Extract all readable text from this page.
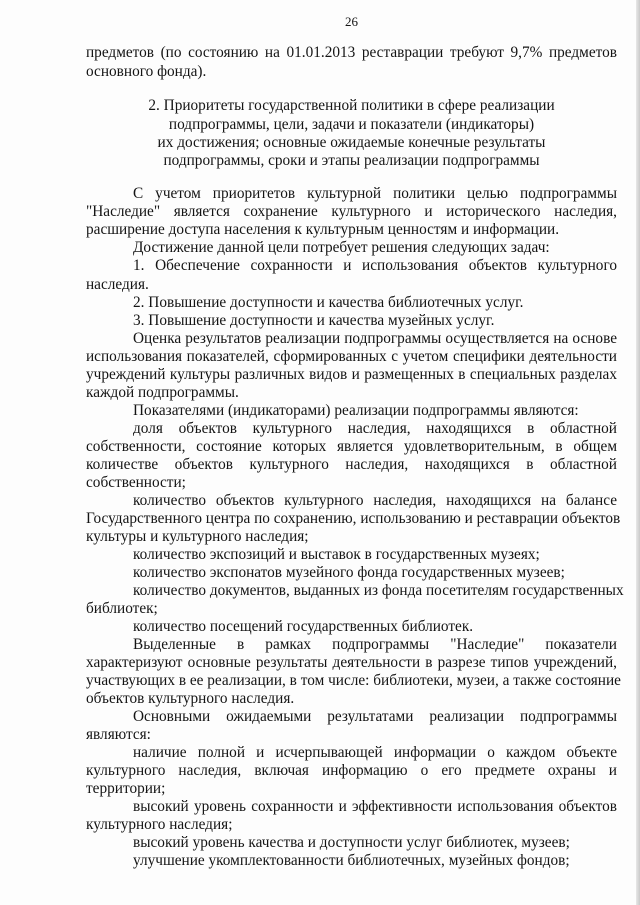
26
предметов (по состоянию на 01.01.2013 реставрации требуют 9,7% предметов
основного фонда).
2. Приоритеты государственной политики в сфере реализации
подпрограммы, цели, задачи и показатели (индикаторы)
их достижения; основные ожидаемые конечные результаты
подпрограммы, сроки и этапы реализации подпрограммы
С учетом приоритетов культурной политики целью подпрограммы
"Наследие" является сохранение культурного и исторического наследия,
расширение доступа населения к культурным ценностям и информации.
Достижение данной цели потребует решения следующих задач:
1. Обеспечение сохранности и использования объектов культурного
наследия.
2. Повышение доступности и качества библиотечных услуг.
3. Повышение доступности и качества музейных услуг.
Оценка результатов реализации подпрограммы осуществляется на основе
использования показателей, сформированных с учетом специфики деятельности
учреждений культуры различных видов и размещенных в специальных разделах
каждой подпрограммы.
Показателями (индикаторами) реализации подпрограммы являются:
доля объектов культурного наследия, находящихся в областной
собственности, состояние которых является удовлетворительным, в общем
количестве объектов культурного наследия, находящихся в областной
собственности;
количество объектов культурного наследия, находящихся на балансе
Государственного центра по сохранению, использованию и реставрации объектов
культуры и культурного наследия;
количество экспозиций и выставок в государственных музеях;
количество экспонатов музейного фонда государственных музеев;
количество документов, выданных из фонда посетителям государственных
библиотек;
количество посещений государственных библиотек.
Выделенные в рамках подпрограммы "Наследие" показатели
характеризуют основные результаты деятельности в разрезе типов учреждений,
участвующих в ее реализации, в том числе: библиотеки, музеи, а также состояние
объектов культурного наследия.
Основными ожидаемыми результатами реализации подпрограммы
являются:
наличие полной и исчерпывающей информации о каждом объекте
культурного наследия, включая информацию о его предмете охраны и
территории;
высокий уровень сохранности и эффективности использования объектов
культурного наследия;
высокий уровень качества и доступности услуг библиотек, музеев;
улучшение укомплектованности библиотечных, музейных фондов;
